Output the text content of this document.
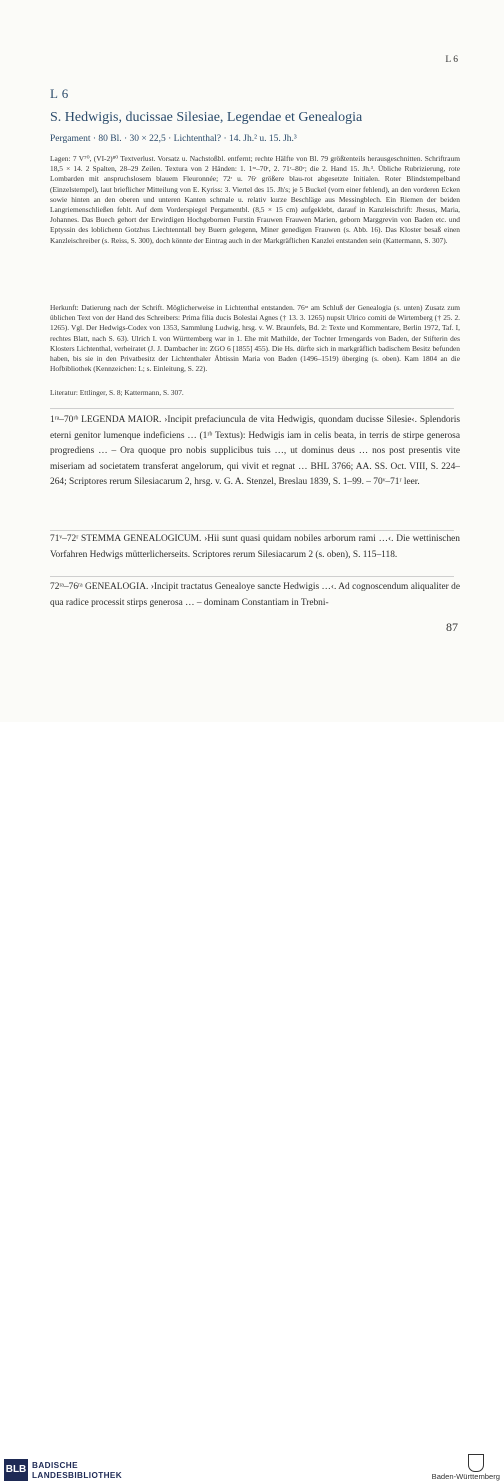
L 6
L 6
S. Hedwigis, ducissae Silesiae, Legendae et Genealogia
Pergament · 80 Bl. · 30 × 22,5 · Lichtenthal? · 14. Jh.² u. 15. Jh.³
Lagen: 7 V⁷⁰, (VI-2)⁸⁰ Textverlust. Vorsatz u. Nachstoßbl. entfernt; rechte Hälfte von Bl. 79 größtenteils herausgeschnitten. Schriftraum 18,5 × 14. 2 Spalten, 28–29 Zeilen. Textura von 2 Händen: 1. 1ʳᵃ–70ʳ, 2. 71ʳ–80ᵛ; die 2. Hand 15. Jh.³. Übliche Rubrizierung, rote Lombarden mit anspruchslosem blauem Fleuronnée; 72ʳ u. 76ʳ größere blau-rot abgesetzte Initialen. Roter Blindstempelband (Einzelstempel), laut brieflicher Mitteilung von E. Kyriss: 3. Viertel des 15. Jh's; je 5 Buckel (vorn einer fehlend), an den vorderen Ecken sowie hinten an den oberen und unteren Kanten schmale u. relativ kurze Beschläge aus Messingblech. Ein Riemen der beiden Langriemenschließen fehlt. Auf dem Vorderspiegel Pergamentbl. (8,5 × 15 cm) aufgeklebt, darauf in Kanzleischrift: Jhesus, Maria, Johannes. Das Buech gehort der Erwirdigen Hochgebornen Furstin Frauwen Frauwen Marien, geborn Marggrevin von Baden etc. und Eptyssin des loblichenn Gotzhus Liechtenntall bey Buern gelegenn, Miner genedigen Frauwen (s. Abb. 16). Das Kloster besaß einen Kanzleischreiber (s. Reiss, S. 300), doch könnte der Eintrag auch in der Markgräflichen Kanzlei entstanden sein (Kattermann, S. 307).
Herkunft: Datierung nach der Schrift. Möglicherweise in Lichtenthal entstanden. 76ʳᵃ am Schluß der Genealogia (s. unten) Zusatz zum üblichen Text von der Hand des Schreibers: Prima filia ducis Boleslai Agnes († 13. 3. 1265) nupsit Ulrico comiti de Wirtemberg († 25. 2. 1265). Vgl. Der Hedwigs-Codex von 1353, Sammlung Ludwig, hrsg. v. W. Braunfels, Bd. 2: Texte und Kommentare, Berlin 1972, Taf. I, rechtes Blatt, nach S. 63). Ulrich I. von Württemberg war in 1. Ehe mit Mathilde, der Tochter Irmengards von Baden, der Stifterin des Klosters Lichtenthal, verheiratet (J. J. Dambacher in: ZGO 6 [1855] 455). Die Hs. dürfte sich in markgräflich badischem Besitz befunden haben, bis sie in den Privatbesitz der Lichtenthaler Äbtissin Maria von Baden (1496–1519) überging (s. oben). Kam 1804 an die Hofbibliothek (Kennzeichen: L; s. Einleitung, S. 22).
Literatur: Ettlinger, S. 8; Kattermann, S. 307.
1ʳᵃ–70ʳᵇ LEGENDA MAIOR. ›Incipit prefaciuncula de vita Hedwigis, quondam ducisse Silesie‹. Splendoris eterni genitor lumenque indeficiens … (1ʳᵇ Textus): Hedwigis iam in celis beata, in terris de stirpe generosa progrediens … – Ora quoque pro nobis supplicibus tuis …, ut dominus deus … nos post presentis vite miseriam ad societatem transferat angelorum, qui vivit et regnat … BHL 3766; AA. SS. Oct. VIII, S. 224–264; Scriptores rerum Silesiacarum 2, hrsg. v. G. A. Stenzel, Breslau 1839, S. 1–99. – 70ᵛ–71ʳ leer.
71ᵛ–72ʳ STEMMA GENEALOGICUM. ›Hii sunt quasi quidam nobiles arborum rami …‹. Die wettinischen Vorfahren Hedwigs mütterlicherseits. Scriptores rerum Silesiacarum 2 (s. oben), S. 115–118.
72ʳᵃ–76ʳᵃ GENEALOGIA. ›Incipit tractatus Genealoye sancte Hedwigis …‹. Ad cognoscendum aliqualiter de qua radice processit stirps generosa … – dominam Constantiam in Trebni-
87
BLB BADISCHE
LANDESBIBLIOTHEK	Baden-Württemberg
